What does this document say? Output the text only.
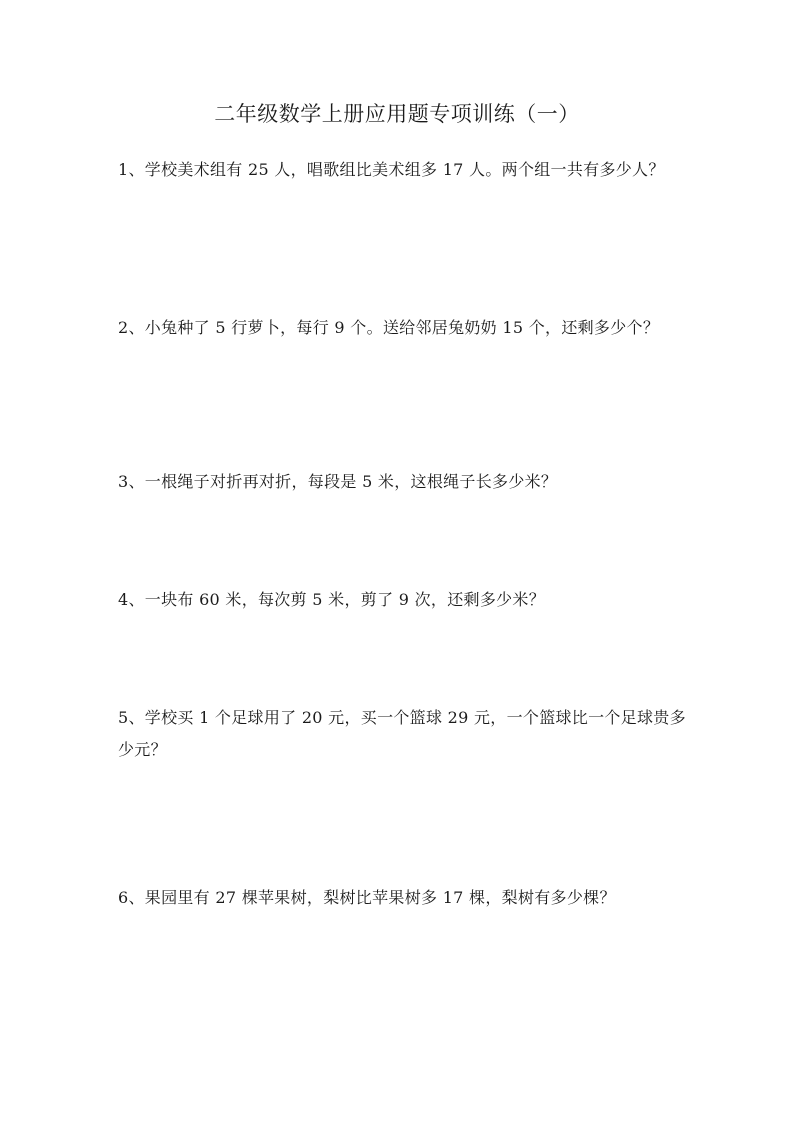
二年级数学上册应用题专项训练（一）
1、学校美术组有 25 人，唱歌组比美术组多 17 人。两个组一共有多少人？
2、小兔种了 5 行萝卜，每行 9 个。送给邻居兔奶奶 15 个，还剩多少个？
3、一根绳子对折再对折，每段是 5 米，这根绳子长多少米？
4、一块布 60 米，每次剪 5 米，剪了 9 次，还剩多少米？
5、学校买 1 个足球用了 20 元，买一个篮球 29 元，一个篮球比一个足球贵多少元？
6、果园里有 27 棵苹果树，梨树比苹果树多 17 棵，梨树有多少棵？
